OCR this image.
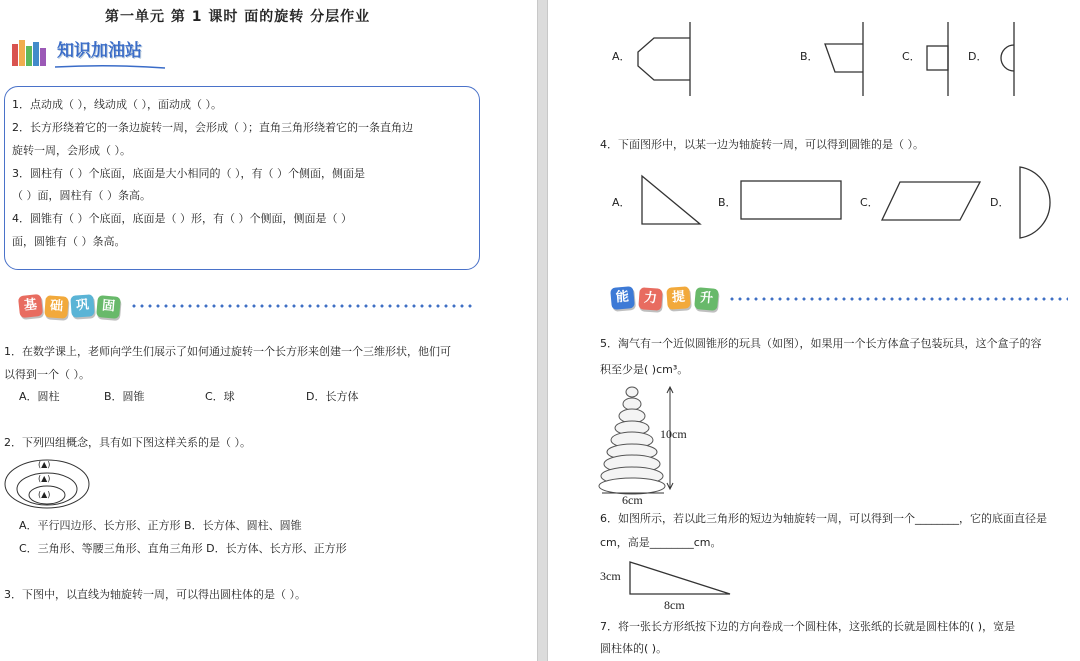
第一单元 第 1 课时 面的旋转 分层作业
知识加油站
1．点动成（ ），线动成（ ），面动成（ ）。
2．长方形绕着它的一条边旋转一周，会形成（ ）；直角三角形绕着它的一条直角边
旋转一周，会形成（ ）。
3．圆柱有（ ）个底面，底面是大小相同的（ ），有（ ）个侧面，侧面是
（ ）面，圆柱有（ ）条高。
4．圆锥有（ ）个底面，底面是（ ）形，有（ ）个侧面，侧面是（ ）
面，圆锥有（ ）条高。
基 础 巩 固
1．在数学课上，老师向学生们展示了如何通过旋转一个长方形来创建一个三维形状，他们可
以得到一个（ ）。
A．圆柱	B．圆锥	C．球	D．长方体
2．下列四组概念，具有如下图这样关系的是（ ）。
(▲)
(▲)
(▲)
A．平行四边形、长方形、正方形 B．长方体、圆柱、圆锥
C．三角形、等腰三角形、直角三角形 D．长方体、长方形、正方形
3．下图中，以直线为轴旋转一周，可以得出圆柱体的是（ ）。
A．	B．	C．	D．
4．下面图形中，以某一边为轴旋转一周，可以得到圆锥的是（ ）。
A．	B．	C．	D．
能	力	提	升
5．淘气有一个近似圆锥形的玩具（如图），如果用一个长方体盒子包装玩具，这个盒子的容
积至少是( )cm³。
10cm
6cm
6．如图所示，若以此三角形的短边为轴旋转一周，可以得到一个________，它的底面直径是
cm，高是________cm。
3cm
8cm
7．将一张长方形纸按下边的方向卷成一个圆柱体，这张纸的长就是圆柱体的( )，宽是
圆柱体的( )。
